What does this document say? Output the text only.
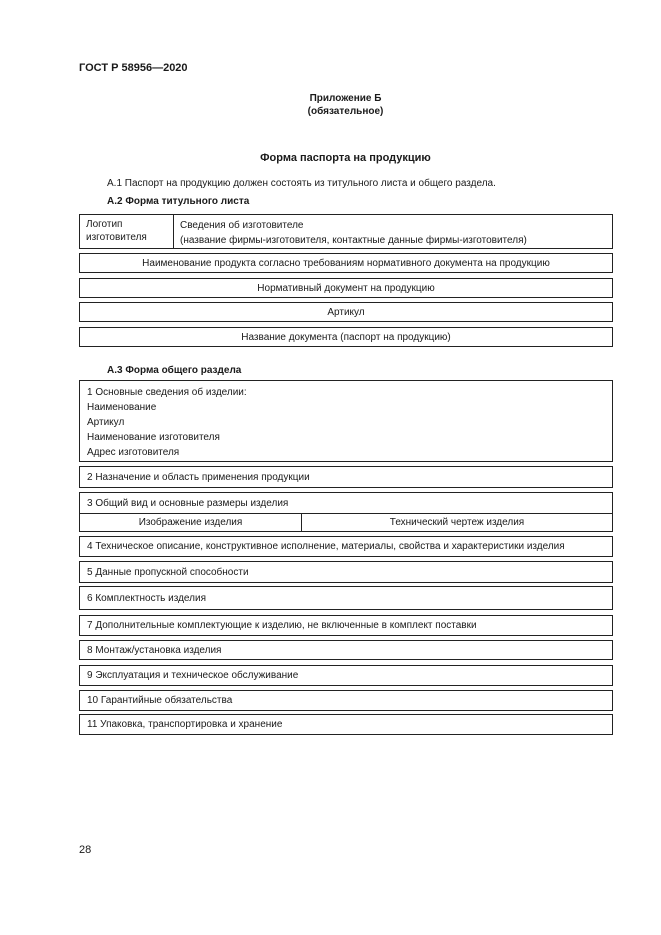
ГОСТ Р 58956—2020
Приложение Б
(обязательное)
Форма паспорта на продукцию
А.1 Паспорт на продукцию должен состоять из титульного листа и общего раздела.
А.2 Форма титульного листа
Логотип изготовителя
Сведения об изготовителе
(название фирмы-изготовителя, контактные данные фирмы-изготовителя)
Наименование продукта согласно требованиям нормативного документа на продукцию
Нормативный документ на продукцию
Артикул
Название документа (паспорт на продукцию)
А.3 Форма общего раздела
1 Основные сведения об изделии:
Наименование
Артикул
Наименование изготовителя
Адрес изготовителя
2 Назначение и область применения продукции
3 Общий вид и основные размеры изделия
Изображение изделия	Технический чертеж изделия
4 Техническое описание, конструктивное исполнение, материалы, свойства и характеристики изделия
5 Данные пропускной способности
6 Комплектность изделия
7 Дополнительные комплектующие к изделию, не включенные в комплект поставки
8 Монтаж/установка изделия
9 Эксплуатация и техническое обслуживание
10 Гарантийные обязательства
11 Упаковка, транспортировка и хранение
28
